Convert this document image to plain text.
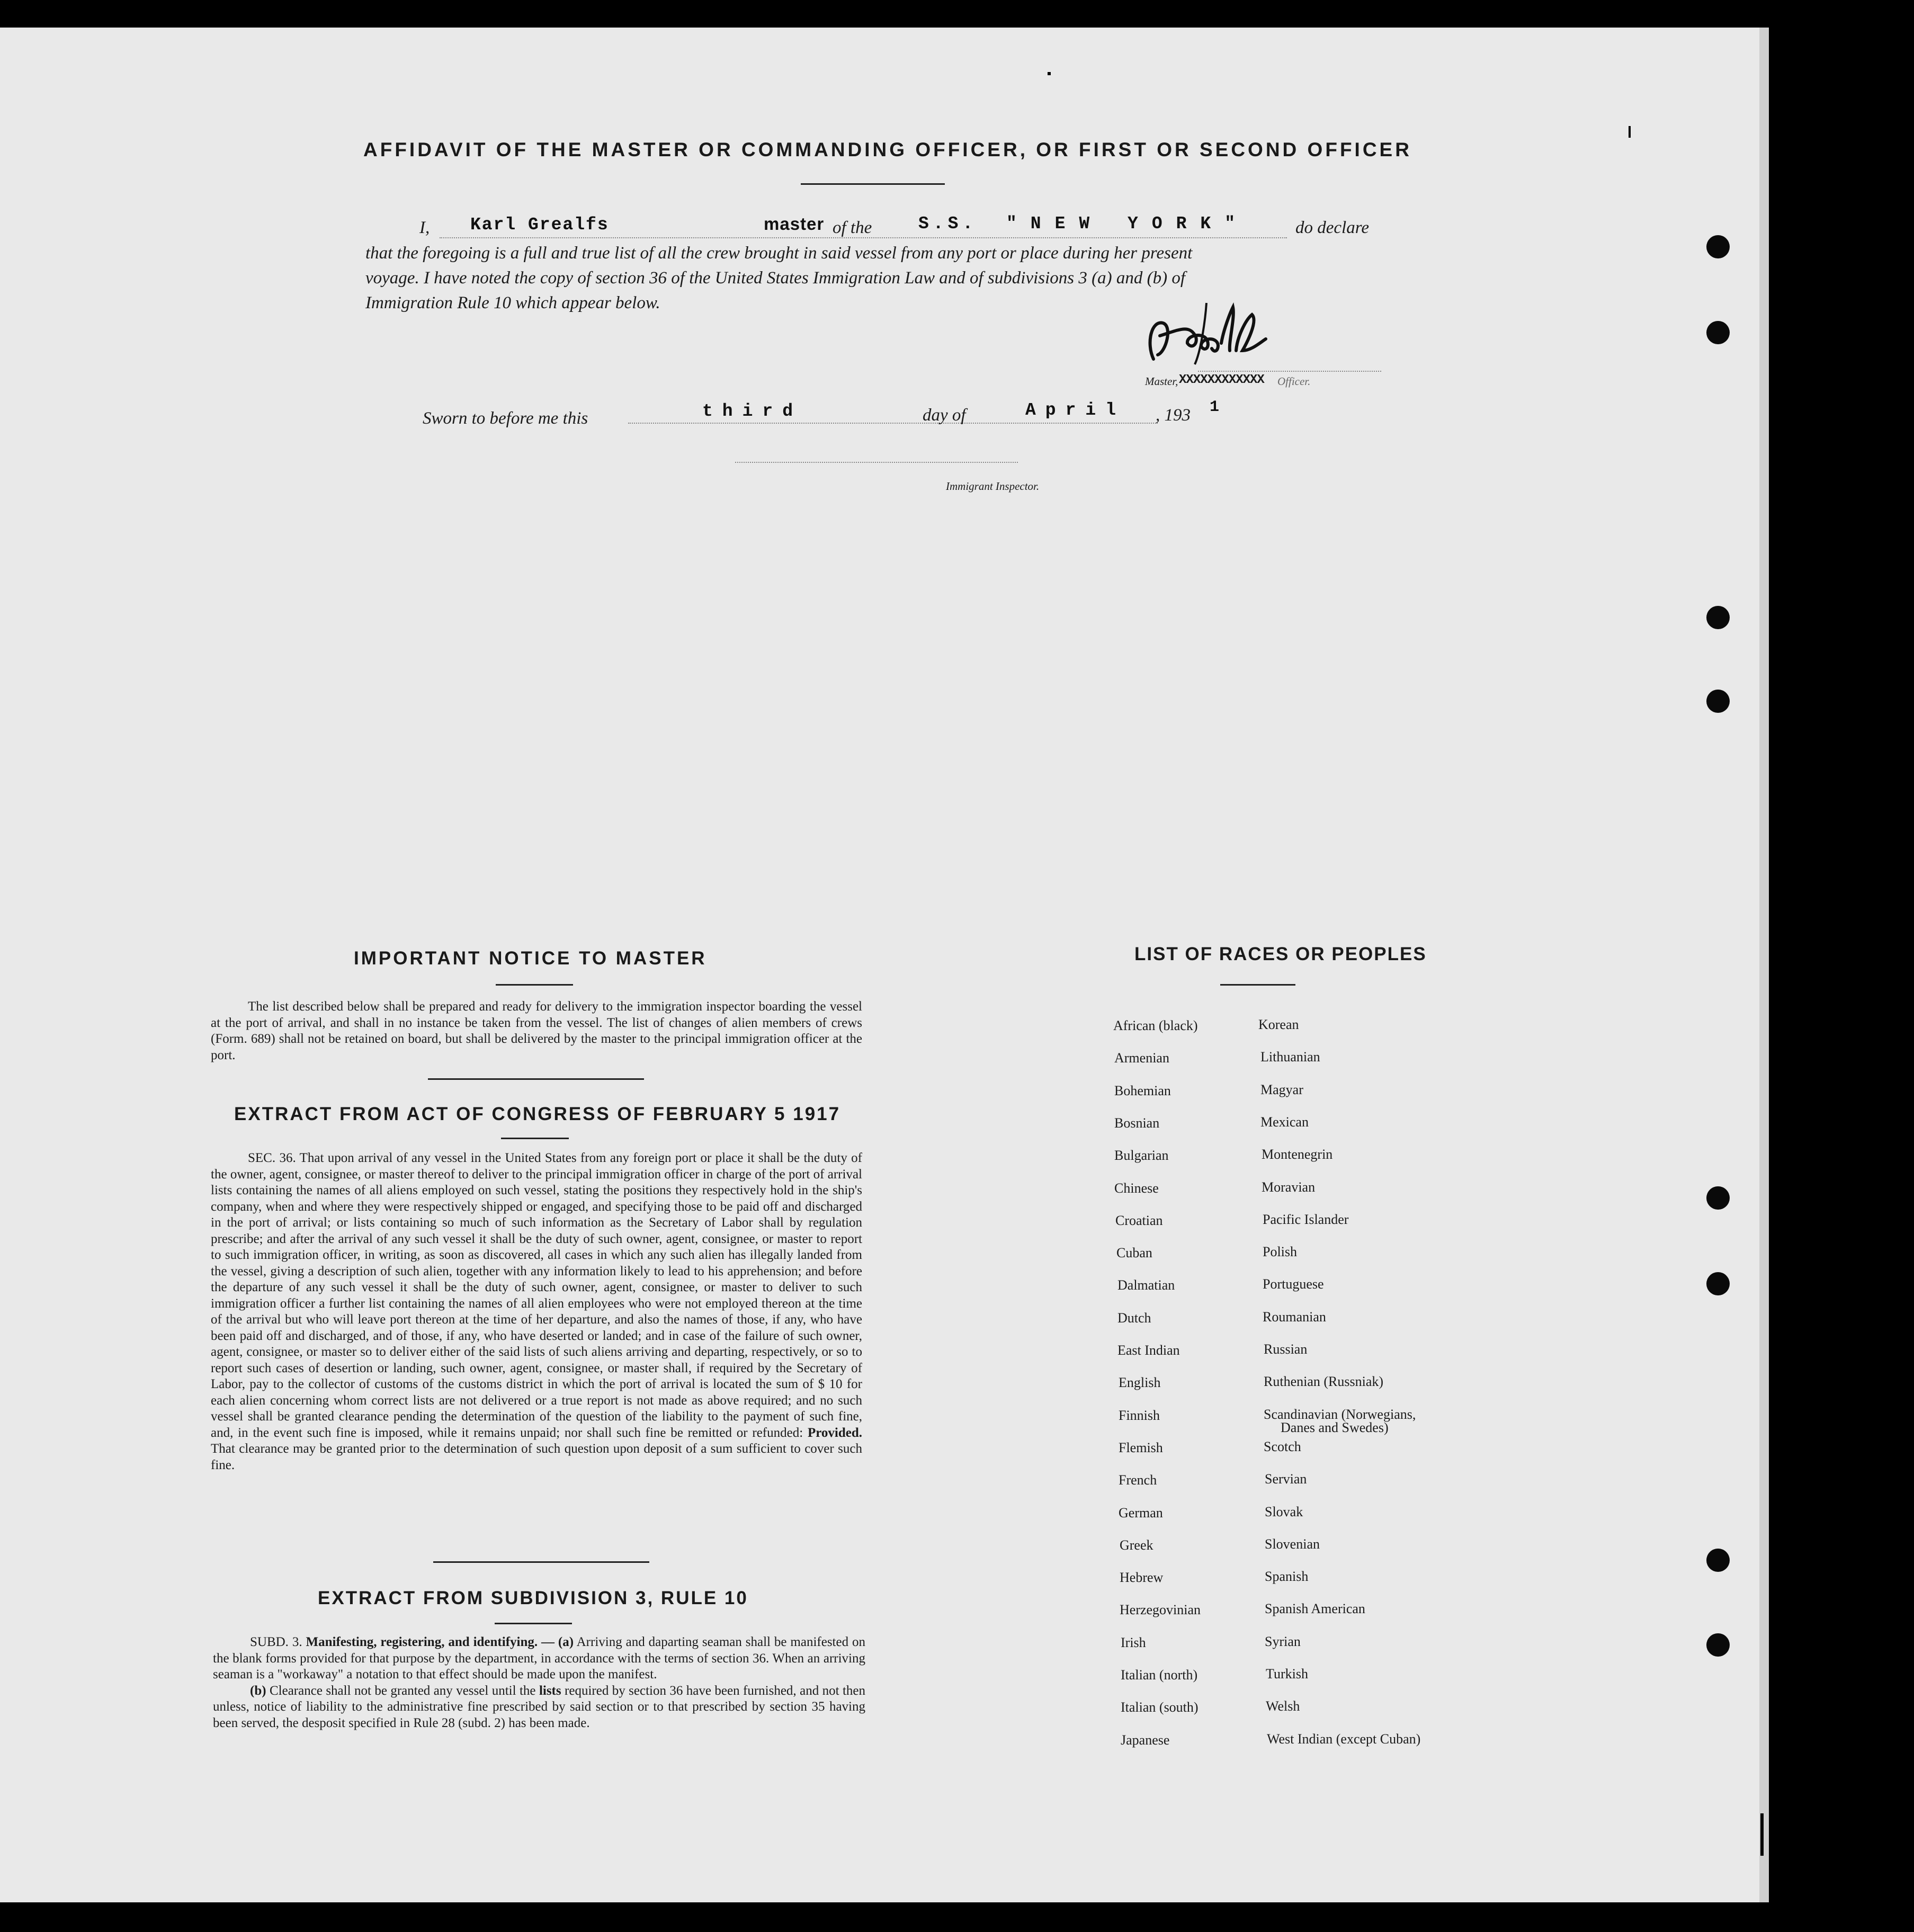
AFFIDAVIT OF THE MASTER OR COMMANDING OFFICER, OR FIRST OR SECOND OFFICER
I, Karl Grealfs	master of the	S.S. "NEW YORK"	do declare
that the foregoing is a full and true list of all the crew brought in said vessel from any port or place during her present
voyage. I have noted the copy of section 36 of the United States Immigration Law and of subdivisions 3 (a) and (b) of
Immigration Rule 10 which appear below.
Master, XXXXXXXXXXXX Officer.
Sworn to before me this	third	day of	April , 193 1
Immigrant Inspector.
IMPORTANT NOTICE TO MASTER

The list described below shall be prepared and ready for delivery to the immigration inspector boarding the vessel at the port of arrival, and shall in no instance be taken from the vessel. The list of changes of alien members of crews (Form. 689) shall not be retained on board, but shall be delivered by the master to the principal immigration officer at the port.

EXTRACT FROM ACT OF CONGRESS OF FEBRUARY 5 1917

SEC. 36. That upon arrival of any vessel in the United States from any foreign port or place it shall be the duty of the owner, agent, consignee, or master thereof to deliver to the principal immigration officer in charge of the port of arrival lists containing the names of all aliens employed on such vessel, stating the positions they respectively hold in the ship's company, when and where they were respectively shipped or engaged, and specifying those to be paid off and discharged in the port of arrival; or lists containing so much of such information as the Secretary of Labor shall by regulation prescribe; and after the arrival of any such vessel it shall be the duty of such owner, agent, consignee, or master to report to such immigration officer, in writing, as soon as discovered, all cases in which any such alien has illegally landed from the vessel, giving a description of such alien, together with any information likely to lead to his apprehension; and before the departure of any such vessel it shall be the duty of such owner, agent, consignee, or master to deliver to such immigration officer a further list containing the names of all alien employees who were not employed thereon at the time of the arrival but who will leave port thereon at the time of her departure, and also the names of those, if any, who have been paid off and discharged, and of those, if any, who have deserted or landed; and in case of the failure of such owner, agent, consignee, or master so to deliver either of the said lists of such aliens arriving and departing, respectively, or so to report such cases of desertion or landing, such owner, agent, consignee, or master shall, if required by the Secretary of Labor, pay to the collector of customs of the customs district in which the port of arrival is located the sum of $ 10 for each alien concerning whom correct lists are not delivered or a true report is not made as above required; and no such vessel shall be granted clearance pending the determination of the question of the liability to the payment of such fine, and, in the event such fine is imposed, while it remains unpaid; nor shall such fine be remitted or refunded: Provided. That clearance may be granted prior to the determination of such question upon deposit of a sum sufficient to cover such fine.

EXTRACT FROM SUBDIVISION 3, RULE 10

SUBD. 3. Manifesting, registering, and identifying. — (a) Arriving and daparting seaman shall be manifested on the blank forms provided for that purpose by the department, in accordance with the terms of section 36. When an arriving seaman is a "workaway" a notation to that effect should be made upon the manifest.

(b) Clearance shall not be granted any vessel until the lists required by section 36 have been furnished, and not then unless, notice of liability to the administrative fine prescribed by said section or to that prescribed by section 35 having been served, the desposit specified in Rule 28 (subd. 2) has been made.

LIST OF RACES OR PEOPLES
African (black)
Armenian
Bohemian
Bosnian
Bulgarian
Chinese
Croatian
Cuban
Dalmatian
Dutch
East Indian
English
Finnish
Flemish
French
German
Greek
Hebrew
Herzegovinian
Irish
Italian (north)
Italian (south)
Japanese
Korean
Lithuanian
Magyar
Mexican
Montenegrin
Moravian
Pacific Islander
Polish
Portuguese
Roumanian
Russian
Ruthenian (Russniak)
Scandinavian (Norwegians,
Danes and Swedes)
Scotch
Servian
Slovak
Slovenian
Spanish
Spanish American
Syrian
Turkish
Welsh
West Indian (except Cuban)
